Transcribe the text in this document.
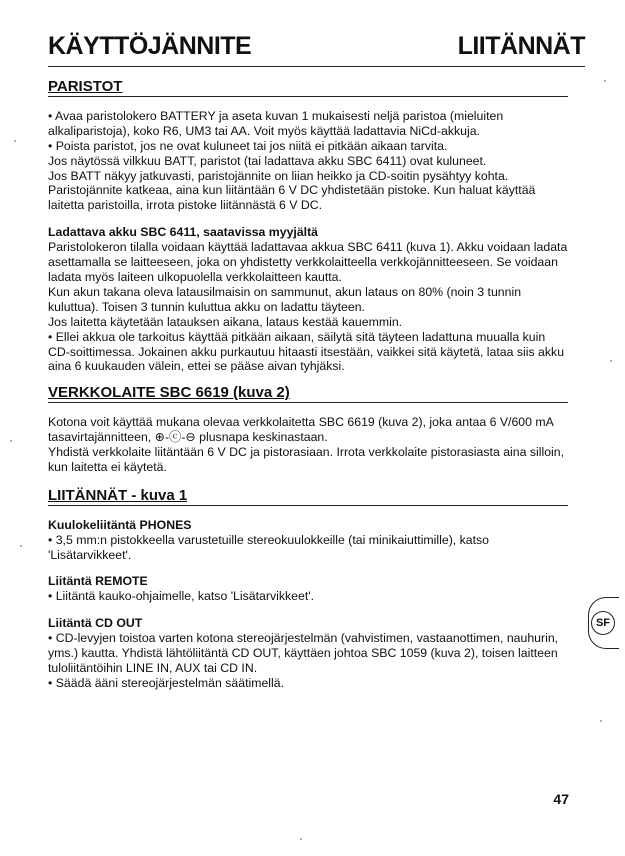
KÄYTTÖJÄNNITE	LIITÄNNÄT
PARISTOT

• Avaa paristolokero BATTERY ja aseta kuvan 1 mukaisesti neljä paristoa (mieluiten alkaliparistoja), koko R6, UM3 tai AA. Voit myös käyttää ladattavia NiCd-akkuja.

• Poista paristot, jos ne ovat kuluneet tai jos niitä ei pitkään aikaan tarvita.

Jos näytössä vilkkuu BATT, paristot (tai ladattava akku SBC 6411) ovat kuluneet.

Jos BATT näkyy jatkuvasti, paristojännite on liian heikko ja CD-soitin pysähtyy kohta.

Paristojännite katkeaa, aina kun liitäntään 6 V DC yhdistetään pistoke. Kun haluat käyttää laitetta paristoilla, irrota pistoke liitännästä 6 V DC.

Ladattava akku SBC 6411, saatavissa myyjältä

Paristolokeron tilalla voidaan käyttää ladattavaa akkua SBC 6411 (kuva 1). Akku voidaan ladata asettamalla se laitteeseen, joka on yhdistetty verkkolaitteella verkkojännitteeseen. Se voidaan ladata myös laiteen ulkopuolella verkkolaitteen kautta.

Kun akun takana oleva latausilmaisin on sammunut, akun lataus on 80% (noin 3 tunnin kuluttua). Toisen 3 tunnin kuluttua akku on ladattu täyteen.

Jos laitetta käytetään latauksen aikana, lataus kestää kauemmin.

• Ellei akkua ole tarkoitus käyttää pitkään aikaan, säilytä sitä täyteen ladattuna muualla kuin CD-soittimessa. Jokainen akku purkautuu hitaasti itsestään, vaikkei sitä käytetä, lataa siis akku aina 6 kuukauden välein, ettei se pääse aivan tyhjäksi.

VERKKOLAITE SBC 6619 (kuva 2)

Kotona voit käyttää mukana olevaa verkkolaitetta SBC 6619 (kuva 2), joka antaa 6 V/600 mA tasavirtajännitteen, ⊕-ⓒ-⊖ plusnapa keskinastaan.

Yhdistä verkkolaite liitäntään 6 V DC ja pistorasiaan. Irrota verkkolaite pistorasiasta aina silloin, kun laitetta ei käytetä.

LIITÄNNÄT - kuva 1
Kuulokeliitäntä PHONES

• 3,5 mm:n pistokkeella varustetuille stereokuulokkeille (tai minikaiuttimille), katso 'Lisätarvikkeet'.

Liitäntä REMOTE

• Liitäntä kauko-ohjaimelle, katso 'Lisätarvikkeet'.

Liitäntä CD OUT

• CD-levyjen toistoa varten kotona stereojärjestelmän (vahvistimen, vastaanottimen, nauhurin, yms.) kautta. Yhdistä lähtöliitäntä CD OUT, käyttäen johtoa SBC 1059 (kuva 2), toisen laitteen tuloliitäntöihin LINE IN, AUX tai CD IN.

• Säädä ääni stereojärjestelmän säätimellä.

SF
47
